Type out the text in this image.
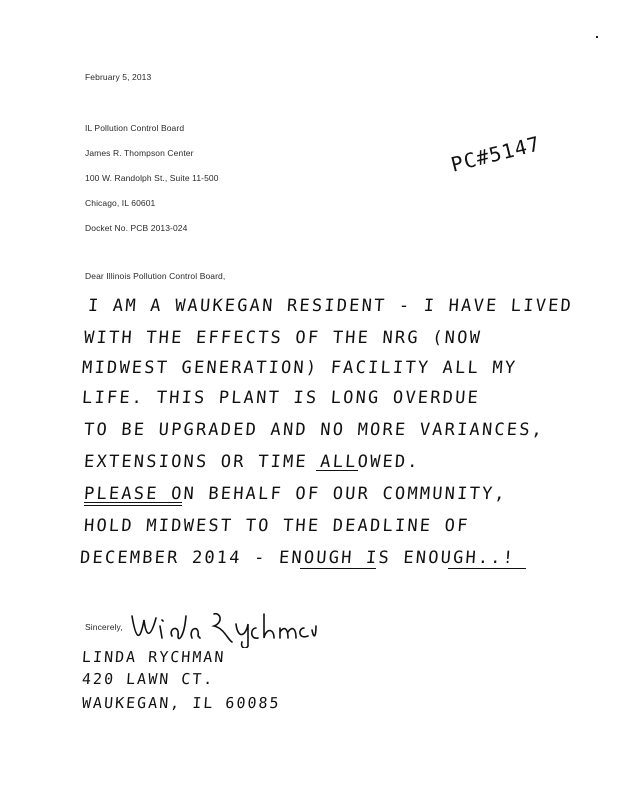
February 5, 2013
IL Pollution Control Board
James R. Thompson Center
100 W. Randolph St., Suite 11-500
Chicago, IL 60601
Docket No. PCB 2013-024
PC#5147
Dear Illinois Pollution Control Board,
I AM A WAUKEGAN RESIDENT - I HAVE LIVED
WITH THE EFFECTS OF THE NRG (NOW
MIDWEST GENERATION) FACILITY ALL MY
LIFE. THIS PLANT IS LONG OVERDUE
TO BE UPGRADED AND NO MORE VARIANCES,
EXTENSIONS OR TIME ALLOWED.
PLEASE ON BEHALF OF OUR COMMUNITY,
HOLD MIDWEST TO THE DEADLINE OF
DECEMBER 2014 - ENOUGH IS ENOUGH..!
Sincerely,
LINDA RYCHMAN
420 LAWN CT.
WAUKEGAN, IL 60085
